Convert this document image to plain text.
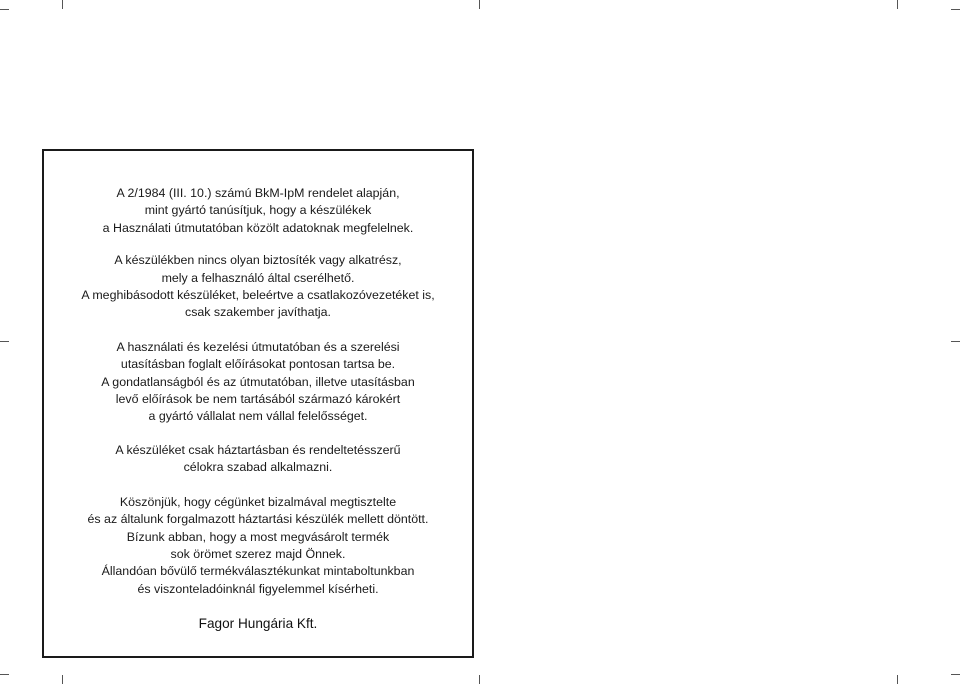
A 2/1984 (III. 10.) számú BkM-IpM rendelet alapján,
mint gyártó tanúsítjuk, hogy a készülékek
a Használati útmutatóban közölt adatoknak megfelelnek.

A készülékben nincs olyan biztosíték vagy alkatrész,
mely a felhasználó által cserélhető.
A meghibásodott készüléket, beleértve a csatlakozóvezetéket is,
csak szakember javíthatja.

A használati és kezelési útmutatóban és a szerelési
utasításban foglalt előírásokat pontosan tartsa be.
A gondatlanságból és az útmutatóban, illetve utasításban
levő előírások be nem tartásából származó károkért
a gyártó vállalat nem vállal felelősséget.

A készüléket csak háztartásban és rendeltetésszerű
célokra szabad alkalmazni.

Köszönjük, hogy cégünket bizalmával megtisztelte
és az általunk forgalmazott háztartási készülék mellett döntött.
Bízunk abban, hogy a most megvásárolt termék
sok örömet szerez majd Önnek.
Állandóan bővülő termékválasztékunkat mintaboltunkban
és viszonteladóinknál figyelemmel kísérheti.

Fagor Hungária Kft.
